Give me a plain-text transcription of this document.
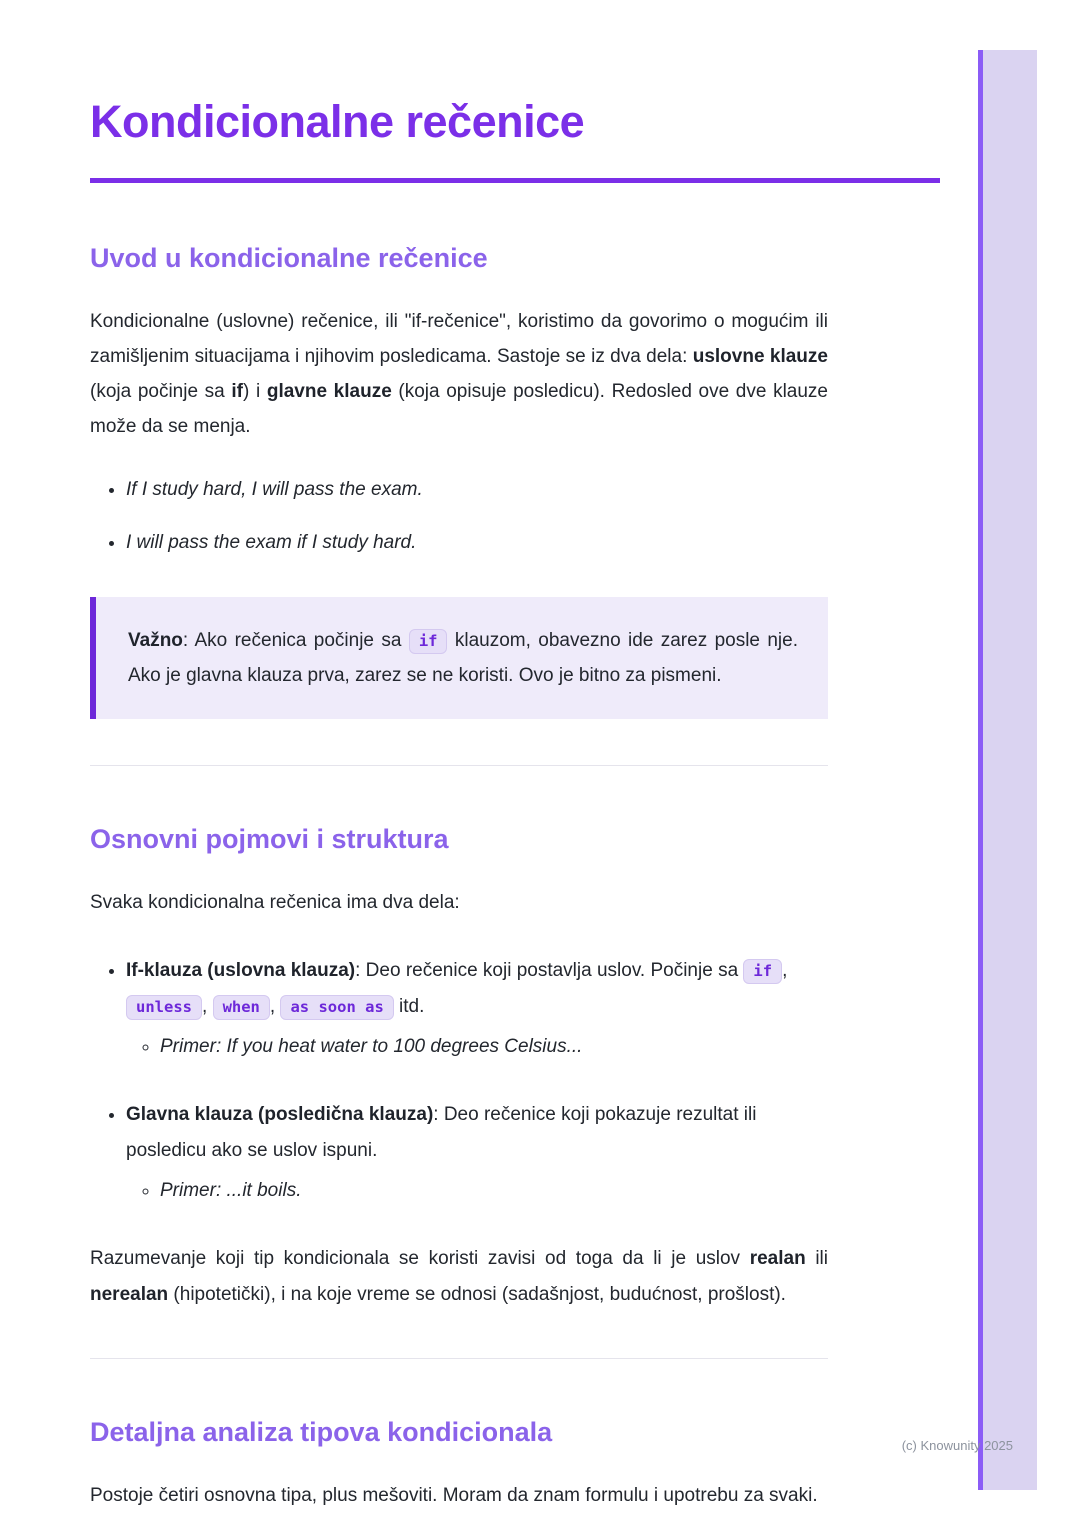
Kondicionalne rečenice
Uvod u kondicionalne rečenice

Kondicionalne (uslovne) rečenice, ili "if-rečenice", koristimo da govorimo o mogućim ili zamišljenim situacijama i njihovim posledicama. Sastoje se iz dva dela: uslovne klauze (koja počinje sa if) i glavne klauze (koja opisuje posledicu). Redosled ove dve klauze može da se menja.

• If I study hard, I will pass the exam.
• I will pass the exam if I study hard.

Važno: Ako rečenica počinje sa if klauzom, obavezno ide zarez posle nje. Ako je glavna klauza prva, zarez se ne koristi. Ovo je bitno za pismeni.

Osnovni pojmovi i struktura

Svaka kondicionalna rečenica ima dva dela:

• If-klauza (uslovna klauza): Deo rečenice koji postavlja uslov. Počinje sa if , unless , when , as soon as itd.
◦ Primer: If you heat water to 100 degrees Celsius...
• Glavna klauza (posledična klauza): Deo rečenice koji pokazuje rezultat ili posledicu ako se uslov ispuni.
◦ Primer: ...it boils.

Razumevanje koji tip kondicionala se koristi zavisi od toga da li je uslov realan ili nerealan (hipotetički), i na koje vreme se odnosi (sadašnjost, budućnost, prošlost).

Detaljna analiza tipova kondicionala

Postoje četiri osnovna tipa, plus mešoviti. Moram da znam formulu i upotrebu za svaki.

(c) Knowunity 2025
